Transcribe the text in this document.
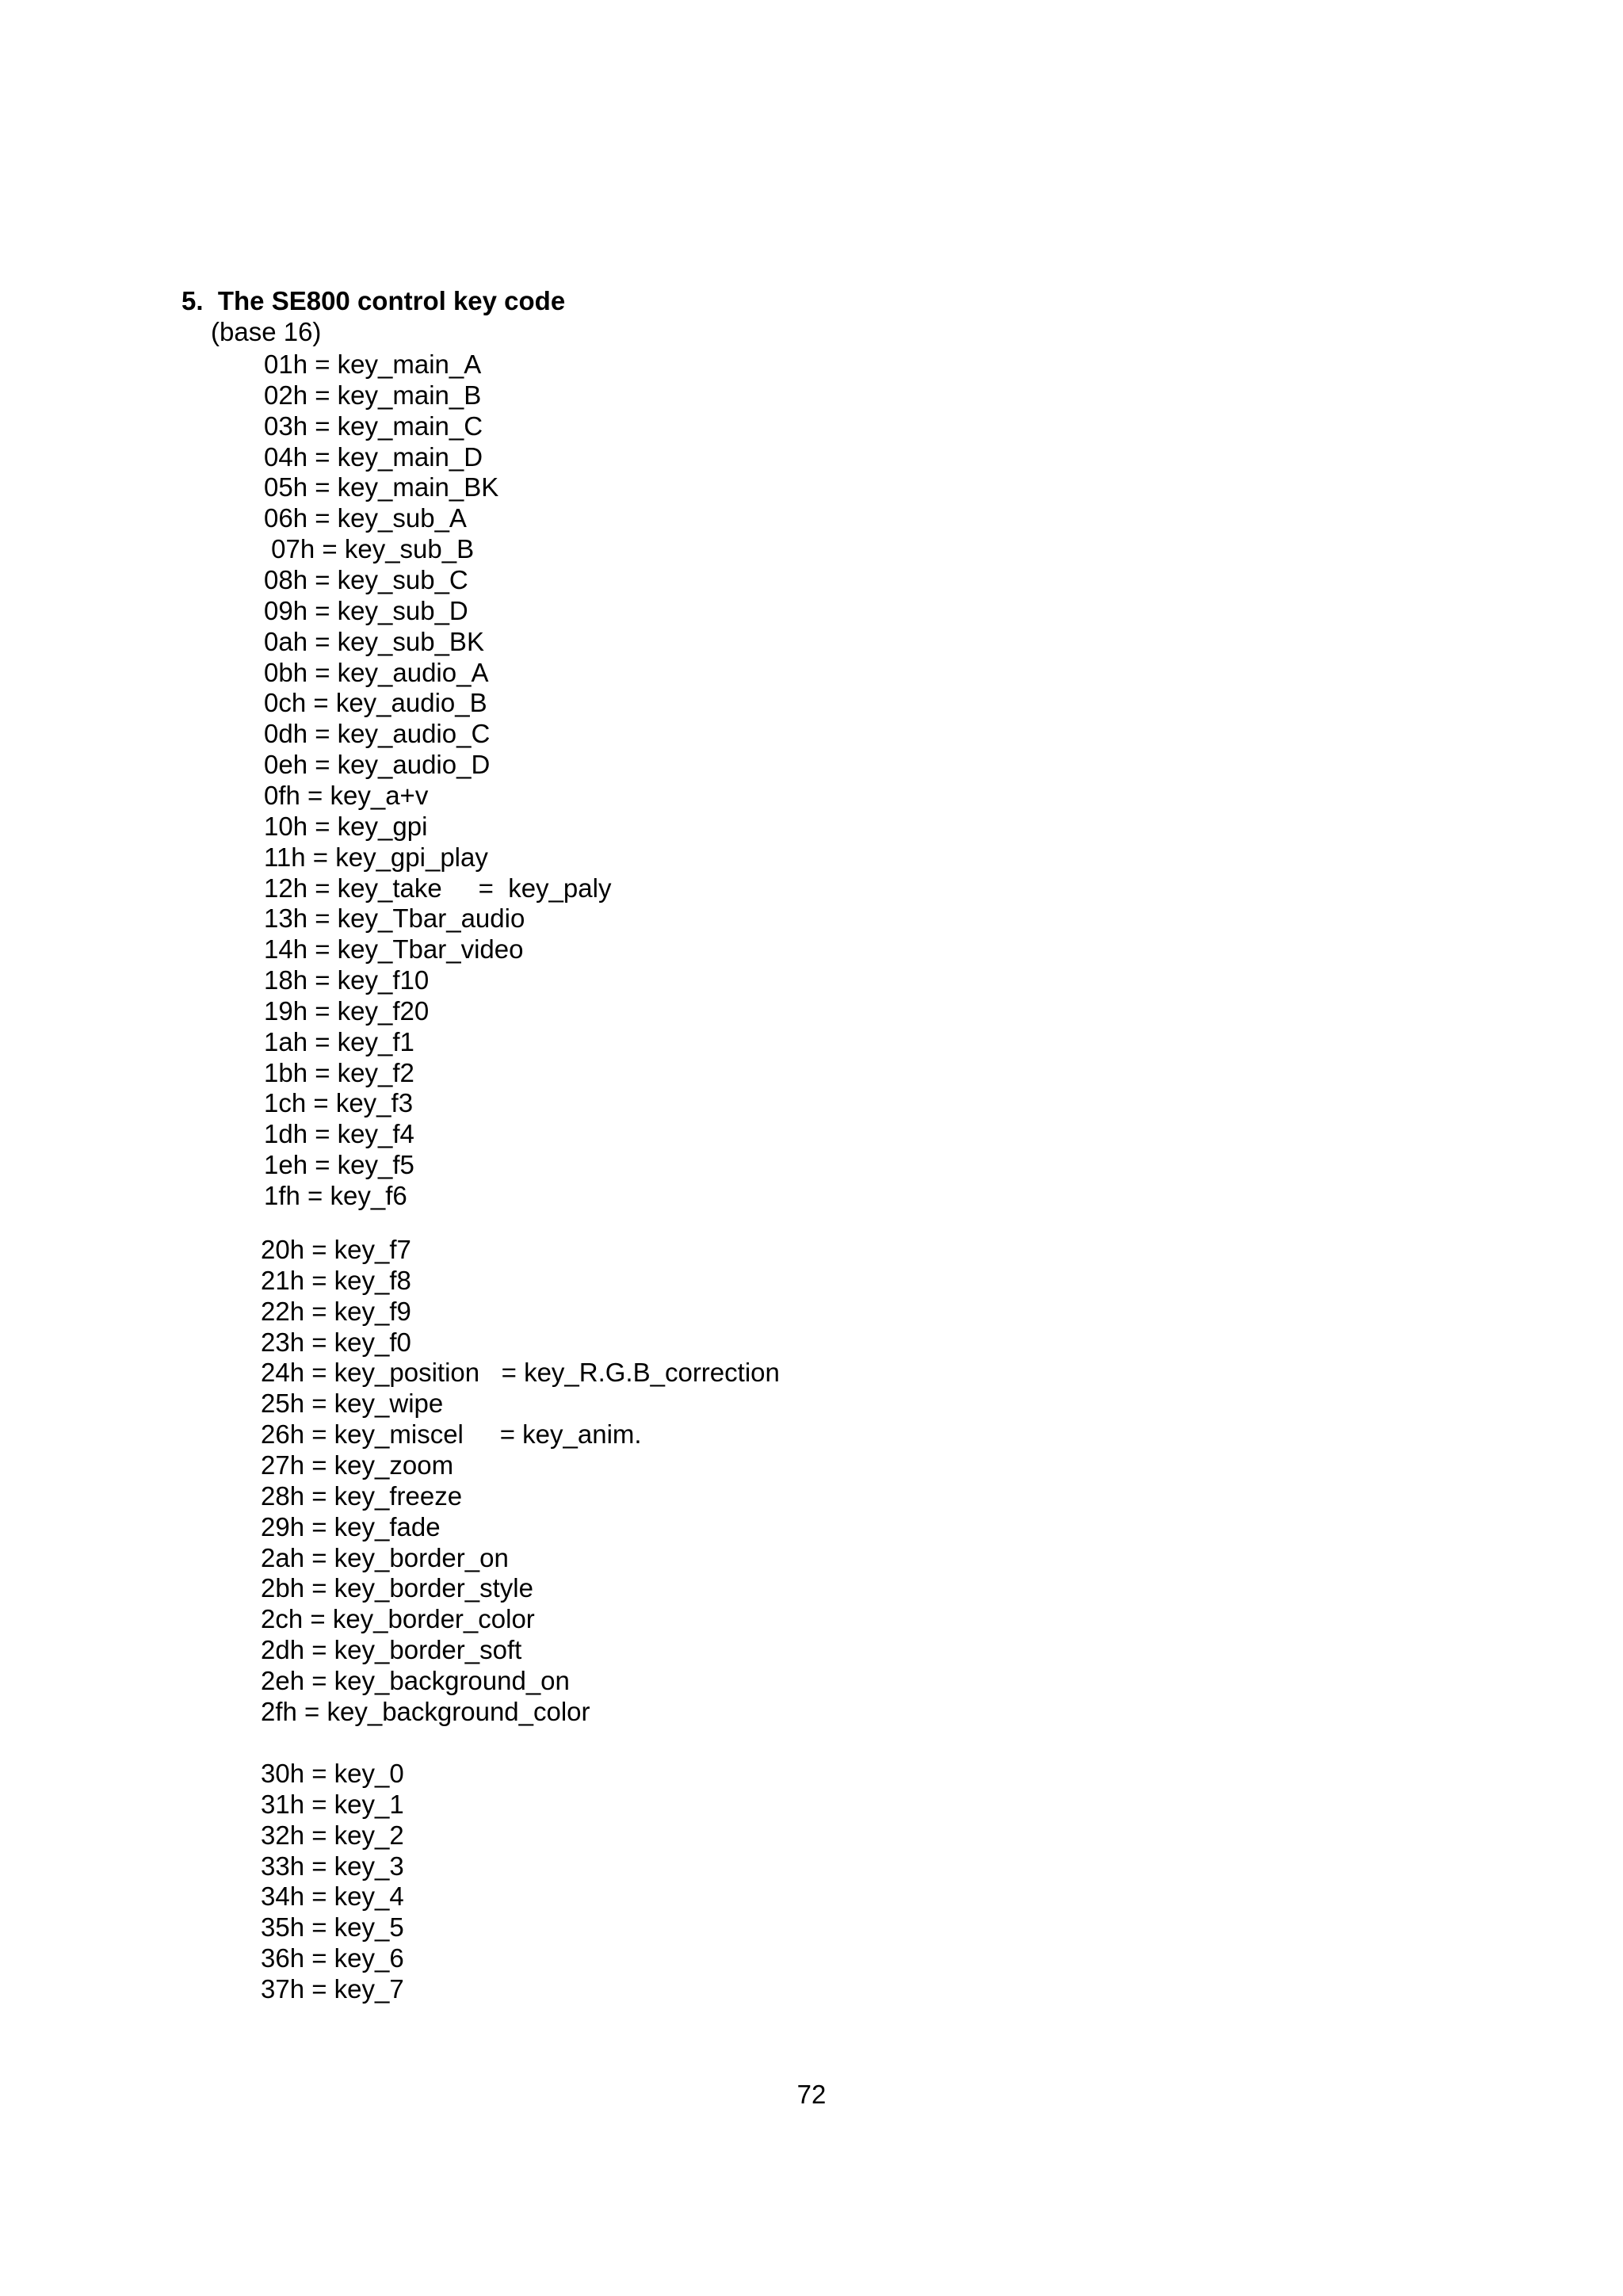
5.  The SE800 control key code
(base 16)
01h = key_main_A
02h = key_main_B
03h = key_main_C
04h = key_main_D
05h = key_main_BK
06h = key_sub_A
07h = key_sub_B
08h = key_sub_C
09h = key_sub_D
0ah = key_sub_BK
0bh = key_audio_A
0ch = key_audio_B
0dh = key_audio_C
0eh = key_audio_D
0fh = key_a+v
10h = key_gpi
11h = key_gpi_play
12h = key_take     =  key_paly
13h = key_Tbar_audio
14h = key_Tbar_video
18h = key_f10
19h = key_f20
1ah = key_f1
1bh = key_f2
1ch = key_f3
1dh = key_f4
1eh = key_f5
1fh = key_f6
20h = key_f7
21h = key_f8
22h = key_f9
23h = key_f0
24h = key_position   = key_R.G.B_correction
25h = key_wipe
26h = key_miscel     = key_anim.
27h = key_zoom
28h = key_freeze
29h = key_fade
2ah = key_border_on
2bh = key_border_style
2ch = key_border_color
2dh = key_border_soft
2eh = key_background_on
2fh = key_background_color
30h = key_0
31h = key_1
32h = key_2
33h = key_3
34h = key_4
35h = key_5
36h = key_6
37h = key_7
72
